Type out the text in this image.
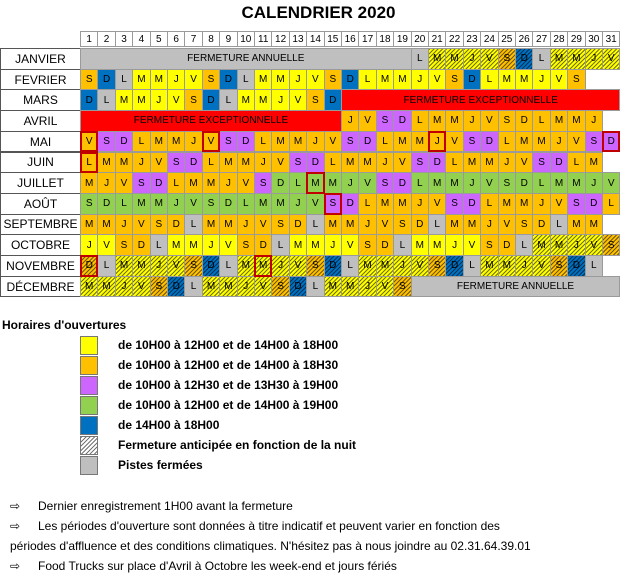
CALENDRIER 2020
1	2	3	4	5	6	7	8	9 10 11 12 13 14 15 16 17 18 19 20 21 22 23 24 25 26 27 28 29 30 31
JANVIER	FERMETURE ANNUELLE	L	M M	J	V	S	D	L	M M	J	V
FEVRIER	S	D	L	M M	J	V	S	D	L	M M	J	V	S	D	L	M M	J	V	S	D	L	M M	J	V	S
MARS	D	L	M M	J	V	S	D	L	M M	J	V	S	D	FERMETURE EXCEPTIONNELLE
AVRIL	FERMETURE EXCEPTIONNELLE	J	V	S	D	L	M M	J	V	S	D	L	M M	J
MAI	V	S	D	L	M M	J	V	S	D	L	M M	J	V	S	D	L	M M	J	V	S	D	L	M M	J	V	S	D
JUIN	L	M M	J	V	S	D	L	M M	J	V	S	D	L	M M	J	V	S	D	L	M M	J	V	S	D	L	M
JUILLET	M	J	V	S	D	L	M M	J	V	S	D	L	M M	J	V	S	D	L	M M	J	V	S	D	L	M M	J	V
AOÛT	S	D	L	M M	J	V	S	D	L	M M	J	V	S	D	L	M M	J	V	S	D	L	M M	J	V	S	D	L
SEPTEMBRE M M	J	V	S	D	L	M M	J	V	S	D	L	M M	J	V	S	D	L	M M	J	V	S	D	L	M M
OCTOBRE	J	V	S	D	L	M M	J	V	S	D	L	M M	J	V	S	D	L	M M	J	V	S	D	L	M M	J	V	S
NOVEMBRE	D	L	M M	J	V	S	D	L	M M	J	V	S	D	L	M M	J	V	S	D	L	M M	J	V	S	D	L
DÉCEMBRE	M M	J	V	S	D	L	M M	J	V	S	D	L	M M	J	V	S	FERMETURE ANNUELLE
Horaires d'ouvertures
de 10H00 à 12H00 et de 14H00 à 18H00
de 10H00 à 12H00 et de 14H00 à 18H30
de 10H00 à 12H30 et de 13H30 à 19H00
de 10H00 à 12H00 et de 14H00 à 19H00
de 14H00 à 18H00
Fermeture anticipée en fonction de la nuit
Pistes fermées
⇨ Dernier enregistrement 1H00 avant la fermeture
⇨ Les périodes d'ouverture sont données à titre indicatif et peuvent varier en fonction des
périodes d'affluence et des conditions climatiques. N'hésitez pas à nous joindre au 02.31.64.39.01
⇨ Food Trucks sur place d'Avril à Octobre les week-end et jours fériés
